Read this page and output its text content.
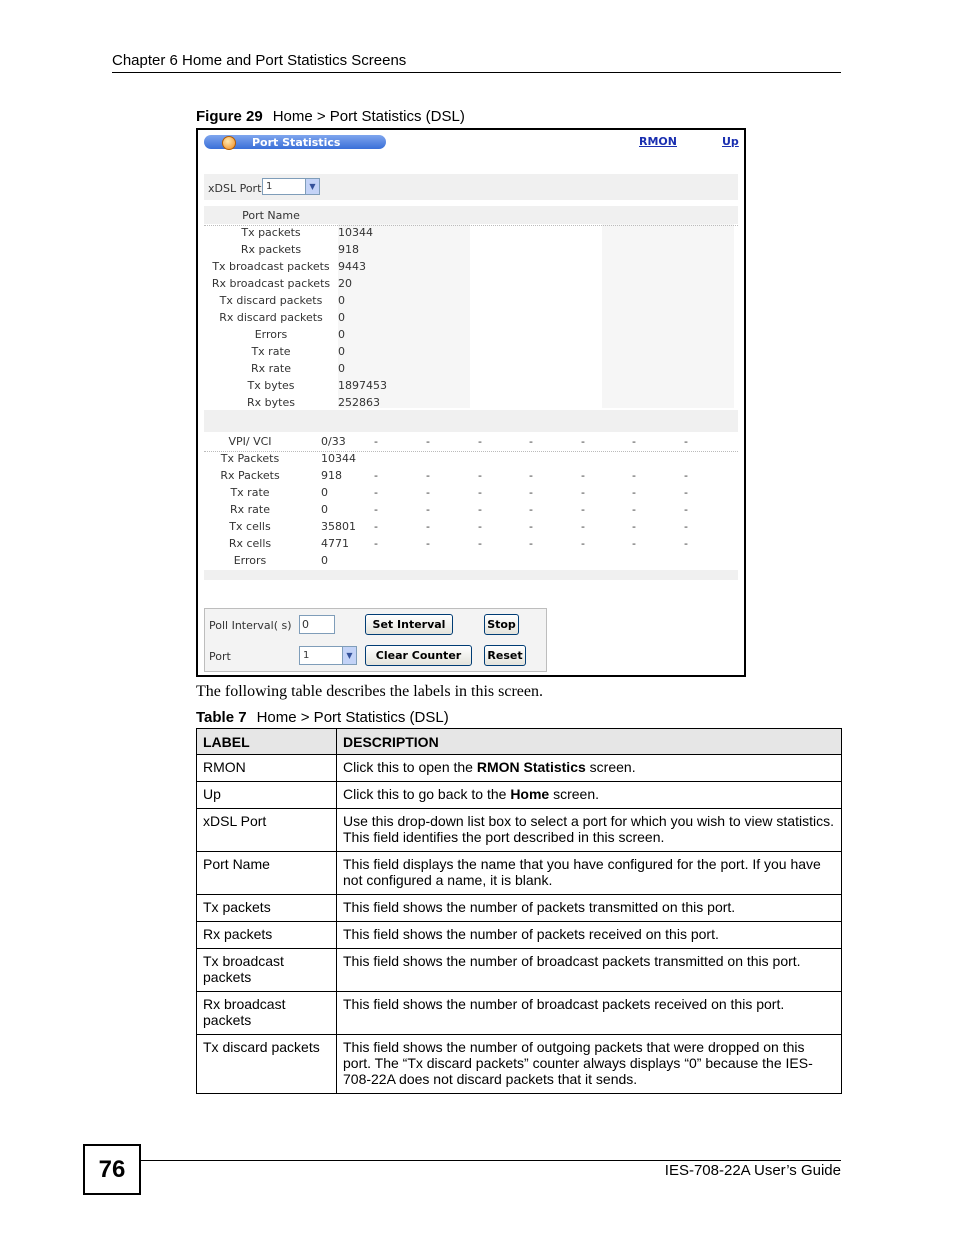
Chapter 6 Home and Port Statistics Screens
Figure 29 Home > Port Statistics (DSL)
Port Statistics	RMON	Up
xDSL Port 1	▼
Port Name
Tx packets	10344
Rx packets	918
Tx broadcast packets 9443
Rx broadcast packets 20
Tx discard packets	0
Rx discard packets	0
Errors	0
Tx rate	0
Rx rate	0
Tx bytes	1897453
Rx bytes	252863
VPI/ VCI	0/33	-	-	-	-	-	-	-
Tx Packets	10344
Rx Packets	918	-	-	-	-	-	-	-
Tx rate	0	-	-	-	-	-	-	-
Rx rate	0	-	-	-	-	-	-	-
Tx cells	35801 -	-	-	-	-	-	-
Rx cells	4771 -	-	-	-	-	-	-
Errors	0
Poll Interval( s) 0	Set Interval	Stop
Port	1	▼	Clear Counter	Reset
The following table describes the labels in this screen.
Table 7 Home > Port Statistics (DSL)
LABEL	DESCRIPTION
RMON	Click this to open the RMON Statistics screen.
Up	Click this to go back to the Home screen.
xDSL Port	Use this drop-down list box to select a port for which you wish to view statistics. This field identifies the port described in this screen.
Port Name	This field displays the name that you have configured for the port. If you have not configured a name, it is blank.
Tx packets	This field shows the number of packets transmitted on this port.
Rx packets	This field shows the number of packets received on this port.
Tx broadcast packets	This field shows the number of broadcast packets transmitted on this port.
Rx broadcast packets	This field shows the number of broadcast packets received on this port.
Tx discard packets	This field shows the number of outgoing packets that were dropped on this port. The “Tx discard packets” counter always displays “0” because the IES-708-22A does not discard packets that it sends.
76	IES-708-22A User’s Guide
